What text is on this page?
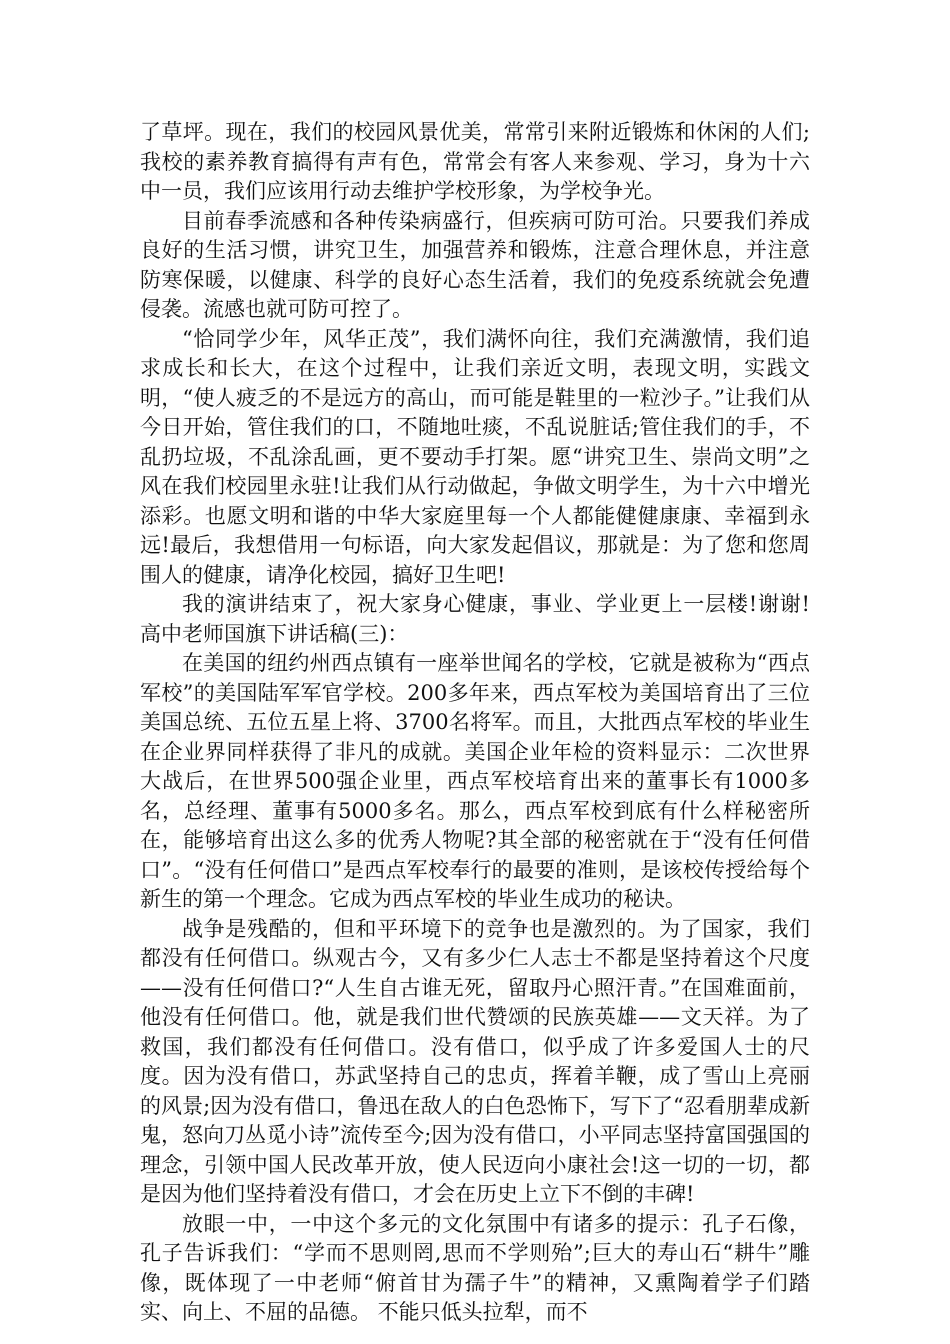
了草坪。现在，我们的校园风景优美，常常引来附近锻炼和休闲的人们;我校的素养教育搞得有声有色，常常会有客人来参观、学习，身为十六中一员，我们应该用行动去维护学校形象，为学校争光。

目前春季流感和各种传染病盛行，但疾病可防可治。只要我们养成良好的生活习惯，讲究卫生，加强营养和锻炼，注意合理休息，并注意防寒保暖，以健康、科学的良好心态生活着，我们的免疫系统就会免遭侵袭。流感也就可防可控了。

“恰同学少年，风华正茂”，我们满怀向往，我们充满激情，我们追求成长和长大，在这个过程中，让我们亲近文明，表现文明，实践文明，“使人疲乏的不是远方的高山，而可能是鞋里的一粒沙子。”让我们从今日开始，管住我们的口，不随地吐痰，不乱说脏话;管住我们的手，不乱扔垃圾，不乱涂乱画，更不要动手打架。愿“讲究卫生、崇尚文明”之风在我们校园里永驻!让我们从行动做起，争做文明学生，为十六中增光添彩。也愿文明和谐的中华大家庭里每一个人都能健健康康、幸福到永远!最后，我想借用一句标语，向大家发起倡议，那就是：为了您和您周围人的健康，请净化校园，搞好卫生吧!

我的演讲结束了，祝大家身心健康，事业、学业更上一层楼!谢谢!　　高中老师国旗下讲话稿(三)：

在美国的纽约州西点镇有一座举世闻名的学校，它就是被称为“西点军校”的美国陆军军官学校。200多年来，西点军校为美国培育出了三位美国总统、五位五星上将、3700名将军。而且，大批西点军校的毕业生在企业界同样获得了非凡的成就。美国企业年检的资料显示：二次世界大战后，在世界500强企业里，西点军校培育出来的董事长有1000多名，总经理、董事有5000多名。那么，西点军校到底有什么样秘密所在，能够培育出这么多的优秀人物呢?其全部的秘密就在于“没有任何借口”。“没有任何借口”是西点军校奉行的最要的准则，是该校传授给每个新生的第一个理念。它成为西点军校的毕业生成功的秘诀。

战争是残酷的，但和平环境下的竞争也是激烈的。为了国家，我们都没有任何借口。纵观古今，又有多少仁人志士不都是坚持着这个尺度——没有任何借口?“人生自古谁无死，留取丹心照汗青。”在国难面前，他没有任何借口。他，就是我们世代赞颂的民族英雄——文天祥。为了救国，我们都没有任何借口。没有借口，似乎成了许多爱国人士的尺度。因为没有借口，苏武坚持自己的忠贞，挥着羊鞭，成了雪山上亮丽的风景;因为没有借口，鲁迅在敌人的白色恐怖下，写下了“忍看朋辈成新鬼，怒向刀丛觅小诗”流传至今;因为没有借口，小平同志坚持富国强国的理念，引领中国人民改革开放，使人民迈向小康社会!这一切的一切，都是因为他们坚持着没有借口，才会在历史上立下不倒的丰碑!

放眼一中，一中这个多元的文化氛围中有诸多的提示：孔子石像，孔子告诉我们：“学而不思则罔,思而不学则殆”;巨大的寿山石“耕牛”雕像，既体现了一中老师“俯首甘为孺子牛”的精神，又熏陶着学子们踏实、向上、不屈的品德。 不能只低头拉犁，而不
